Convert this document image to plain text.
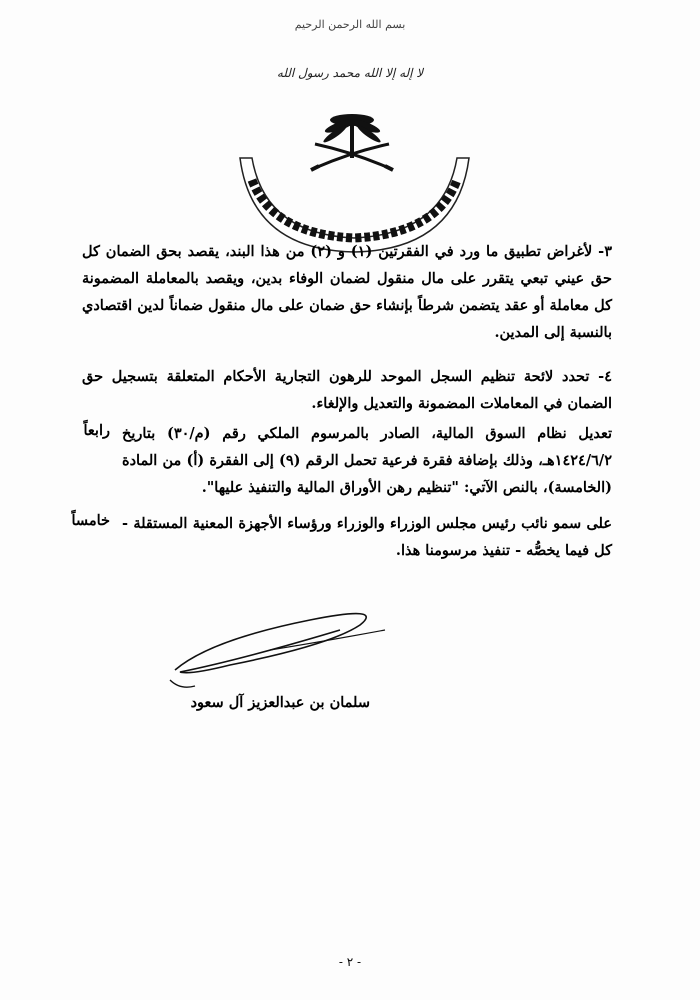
بسم الله الرحمن الرحيم
لا إله إلا الله محمد رسول الله
٣- لأغراض تطبيق ما ورد في الفقرتين (١) و (٢) من هذا البند، يقصد بحق الضمان كل حق عيني تبعي يتقرر على مال منقول لضمان الوفاء بدين، ويقصد بالمعاملة المضمونة كل معاملة أو عقد يتضمن شرطاً بإنشاء حق ضمان على مال منقول ضماناً لدين اقتصادي بالنسبة إلى المدين.
٤- تحدد لائحة تنظيم السجل الموحد للرهون التجارية الأحكام المتعلقة بتسجيل حق الضمان في المعاملات المضمونة والتعديل والإلغاء.
رابعاً تعديل نظام السوق المالية، الصادر بالمرسوم الملكي رقم (م/٣٠) بتاريخ ١٤٢٤/٦/٢هـ، وذلك بإضافة فقرة فرعية تحمل الرقم (٩) إلى الفقرة (أ) من المادة (الخامسة)، بالنص الآتي: "تنظيم رهن الأوراق المالية والتنفيذ عليها".
خامساً على سمو نائب رئيس مجلس الوزراء والوزراء ورؤساء الأجهزة المعنية المستقلة - كل فيما يخصُّه - تنفيذ مرسومنا هذا.
سلمان بن عبدالعزيز آل سعود
- ٢ -
